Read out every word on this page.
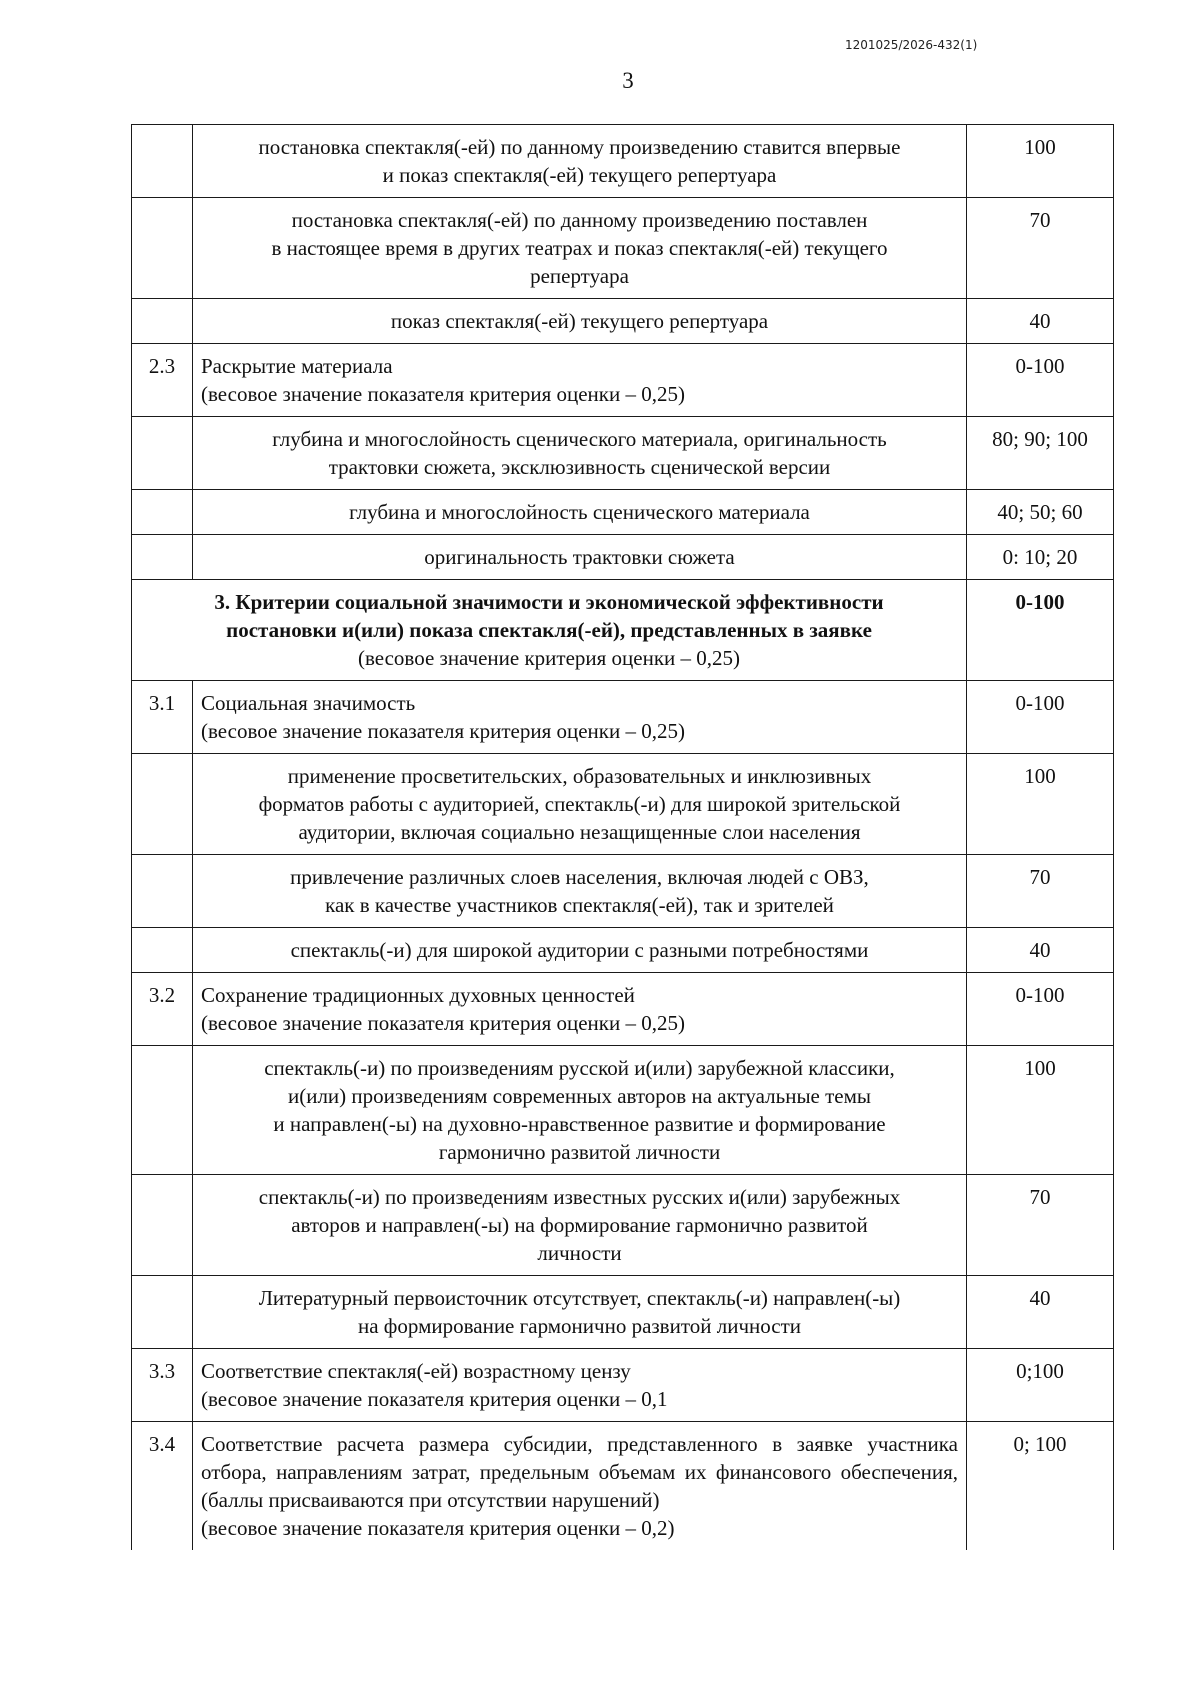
1201025/2026-432(1)
3

	постановка спектакля(-ей) по данному произведению ставится впервые
и показ спектакля(-ей) текущего репертуара	100

	постановка спектакля(-ей) по данному произведению поставлен
в настоящее время в других театрах и показ спектакля(-ей) текущего
репертуара	70

	показ спектакля(-ей) текущего репертуара	40
2.3	Раскрытие материала
(весовое значение показателя критерия оценки – 0,25)	0-100

	глубина и многослойность сценического материала, оригинальность
трактовки сюжета, эксклюзивность сценической версии	80; 90; 100

	глубина и многослойность сценического материала	40; 50; 60

	оригинальность трактовки сюжета	0: 10; 20

3. Критерии социальной значимости и экономической эффективности
постановки и(или) показа спектакля(-ей), представленных в заявке
(весовое значение критерия оценки – 0,25)		0-100
3.1	Социальная значимость
(весовое значение показателя критерия оценки – 0,25)	0-100

	применение просветительских, образовательных и инклюзивных
форматов работы с аудиторией, спектакль(-и) для широкой зрительской
аудитории, включая социально незащищенные слои населения	100

	привлечение различных слоев населения, включая людей с ОВЗ,
как в качестве участников спектакля(-ей), так и зрителей	70

	спектакль(-и) для широкой аудитории с разными потребностями	40
3.2	Сохранение традиционных духовных ценностей
(весовое значение показателя критерия оценки – 0,25)	0-100

	спектакль(-и) по произведениям русской и(или) зарубежной классики,
и(или) произведениям современных авторов на актуальные темы
и направлен(-ы) на духовно-нравственное развитие и формирование
гармонично развитой личности	100

	спектакль(-и) по произведениям известных русских и(или) зарубежных
авторов и направлен(-ы) на формирование гармонично развитой
личности	70

	Литературный первоисточник отсутствует, спектакль(-и) направлен(-ы)
на формирование гармонично развитой личности	40
3.3	Соответствие спектакля(-ей) возрастному цензу
(весовое значение показателя критерия оценки – 0,1	0;100
3.4	Соответствие расчета размера субсидии, представленного в заявке участника отбора, направлениям затрат, предельным объемам их финансового обеспечения, (баллы присваиваются при отсутствии нарушений)
(весовое значение показателя критерия оценки – 0,2)	0; 100
